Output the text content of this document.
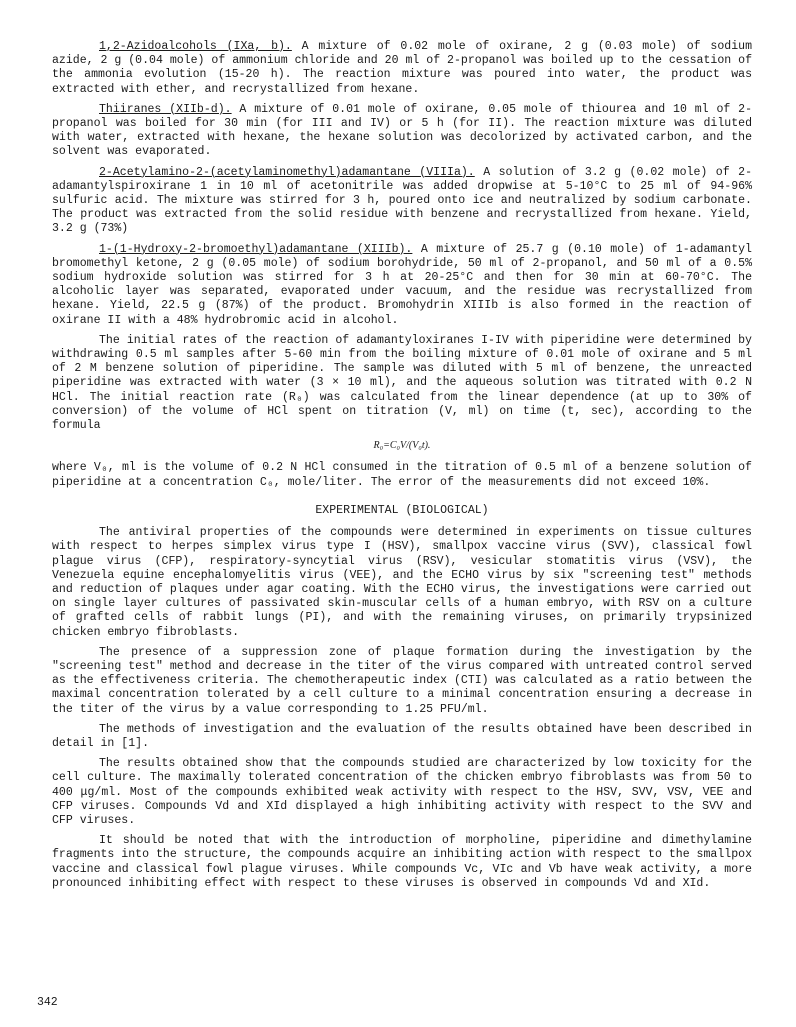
1,2-Azidoalcohols (IXa, b). A mixture of 0.02 mole of oxirane, 2 g (0.03 mole) of sodium azide, 2 g (0.04 mole) of ammonium chloride and 20 ml of 2-propanol was boiled up to the cessation of the ammonia evolution (15-20 h). The reaction mixture was poured into water, the product was extracted with ether, and recrystallized from hexane.

Thiiranes (XIIb-d). A mixture of 0.01 mole of oxirane, 0.05 mole of thiourea and 10 ml of 2-propanol was boiled for 30 min (for III and IV) or 5 h (for II). The reaction mixture was diluted with water, extracted with hexane, the hexane solution was decolorized by activated carbon, and the solvent was evaporated.

2-Acetylamino-2-(acetylaminomethyl)adamantane (VIIIa). A solution of 3.2 g (0.02 mole) of 2-adamantylspiroxirane 1 in 10 ml of acetonitrile was added dropwise at 5-10°C to 25 ml of 94-96% sulfuric acid. The mixture was stirred for 3 h, poured onto ice and neutralized by sodium carbonate. The product was extracted from the solid residue with benzene and recrystallized from hexane. Yield, 3.2 g (73%)

1-(1-Hydroxy-2-bromoethyl)adamantane (XIIIb). A mixture of 25.7 g (0.10 mole) of 1-adamantyl bromomethyl ketone, 2 g (0.05 mole) of sodium borohydride, 50 ml of 2-propanol, and 50 ml of a 0.5% sodium hydroxide solution was stirred for 3 h at 20-25°C and then for 30 min at 60-70°C. The alcoholic layer was separated, evaporated under vacuum, and the residue was recrystallized from hexane. Yield, 22.5 g (87%) of the product. Bromohydrin XIIIb is also formed in the reaction of oxirane II with a 48% hydrobromic acid in alcohol.

The initial rates of the reaction of adamantyloxiranes I-IV with piperidine were determined by withdrawing 0.5 ml samples after 5-60 min from the boiling mixture of 0.01 mole of oxirane and 5 ml of 2 M benzene solution of piperidine. The sample was diluted with 5 ml of benzene, the unreacted piperidine was extracted with water (3 × 10 ml), and the aqueous solution was titrated with 0.2 N HCl. The initial reaction rate (R₀) was calculated from the linear dependence (at up to 30% of conversion) of the volume of HCl spent on titration (V, ml) on time (t, sec), according to the formula

R₀=C₀V/(V₀t).

where V₀, ml is the volume of 0.2 N HCl consumed in the titration of 0.5 ml of a benzene solution of piperidine at a concentration C₀, mole/liter. The error of the measurements did not exceed 10%.

EXPERIMENTAL (BIOLOGICAL)

The antiviral properties of the compounds were determined in experiments on tissue cultures with respect to herpes simplex virus type I (HSV), smallpox vaccine virus (SVV), classical fowl plague virus (CFP), respiratory-syncytial virus (RSV), vesicular stomatitis virus (VSV), the Venezuela equine encephalomyelitis virus (VEE), and the ECHO virus by six "screening test" methods and reduction of plaques under agar coating. With the ECHO virus, the investigations were carried out on single layer cultures of passivated skin-muscular cells of a human embryo, with RSV on a culture of grafted cells of rabbit lungs (PI), and with the remaining viruses, on primarily trypsinized chicken embryo fibroblasts.

The presence of a suppression zone of plaque formation during the investigation by the "screening test" method and decrease in the titer of the virus compared with untreated control served as the effectiveness criteria. The chemotherapeutic index (CTI) was calculated as a ratio between the maximal concentration tolerated by a cell culture to a minimal concentration ensuring a decrease in the titer of the virus by a value corresponding to 1.25 PFU/ml.

The methods of investigation and the evaluation of the results obtained have been described in detail in [1].

The results obtained show that the compounds studied are characterized by low toxicity for the cell culture. The maximally tolerated concentration of the chicken embryo fibroblasts was from 50 to 400 μg/ml. Most of the compounds exhibited weak activity with respect to the HSV, SVV, VSV, VEE and CFP viruses. Compounds Vd and XId displayed a high inhibiting activity with respect to the SVV and CFP viruses.

It should be noted that with the introduction of morpholine, piperidine and dimethylamine fragments into the structure, the compounds acquire an inhibiting action with respect to the smallpox vaccine and classical fowl plague viruses. While compounds Vc, VIc and Vb have weak activity, a more pronounced inhibiting effect with respect to these viruses is observed in compounds Vd and XId.

342
